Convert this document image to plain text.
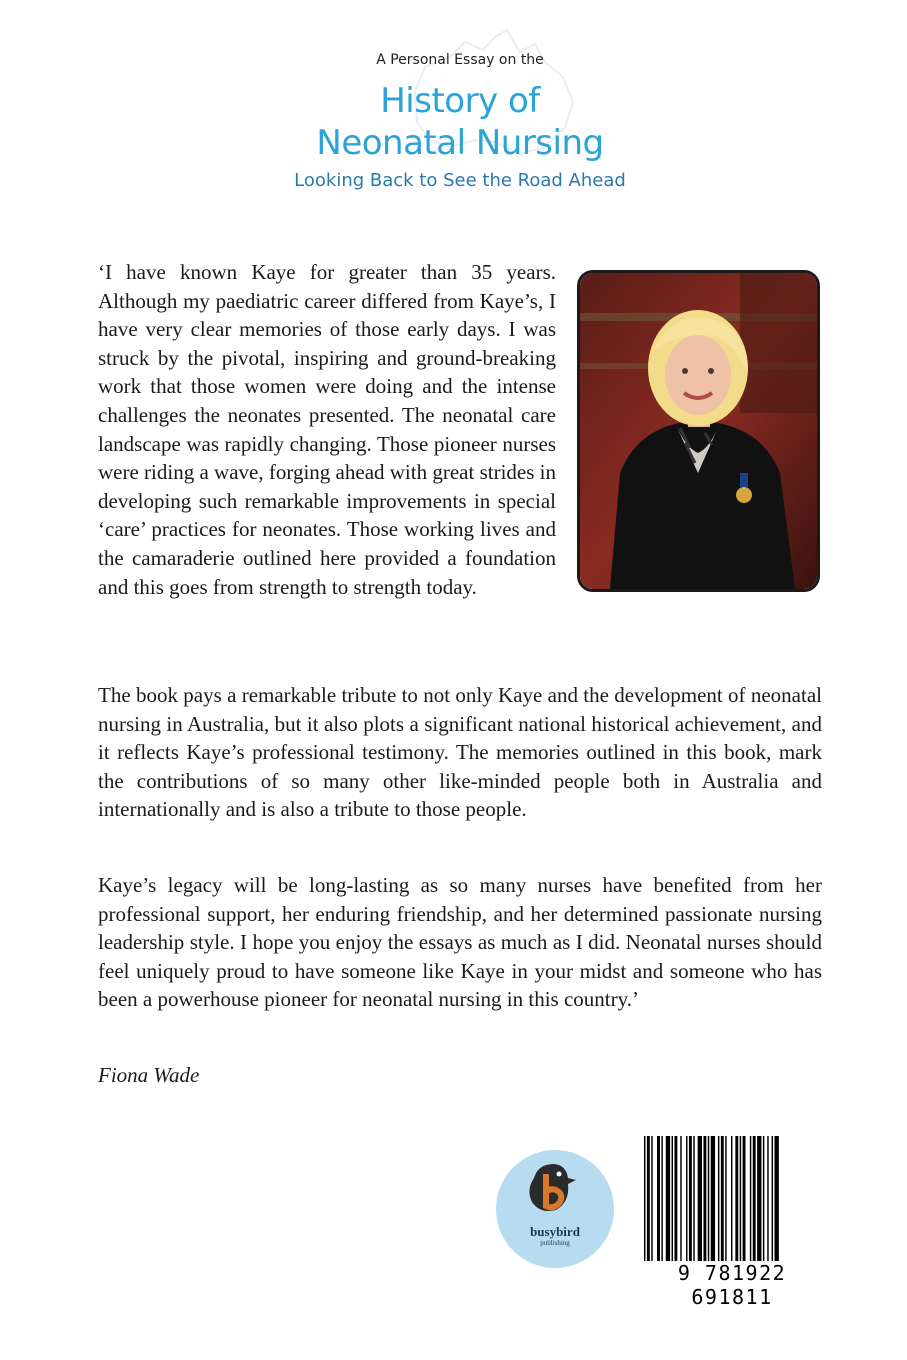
A Personal Essay on the
History of
Neonatal Nursing
Looking Back to See the Road Ahead
‘I have known Kaye for greater than 35 years. Although my paediatric career differed from Kaye’s, I have very clear memories of those early days. I was struck by the pivotal, inspiring and ground-breaking work that those women were doing and the intense challenges the neonates presented. The neonatal care landscape was rapidly changing. Those pioneer nurses were riding a wave, forging ahead with great strides in developing such remarkable improvements in special ‘care’ practices for neonates. Those working lives and the camaraderie outlined here provided a foundation and this goes from strength to strength today.
The book pays a remarkable tribute to not only Kaye and the development of neonatal nursing in Australia, but it also plots a significant national historical achievement, and it reflects Kaye’s professional testimony. The memories outlined in this book, mark the contributions of so many other like-minded people both in Australia and internationally and is also a tribute to those people.
Kaye’s legacy will be long-lasting as so many nurses have benefited from her professional support, her enduring friendship, and her determined passionate nursing leadership style. I hope you enjoy the essays as much as I did. Neonatal nurses should feel uniquely proud to have someone like Kaye in your midst and someone who has been a powerhouse pioneer for neonatal nursing in this country.’
Fiona Wade
busybird
publishing
9 781922 691811
